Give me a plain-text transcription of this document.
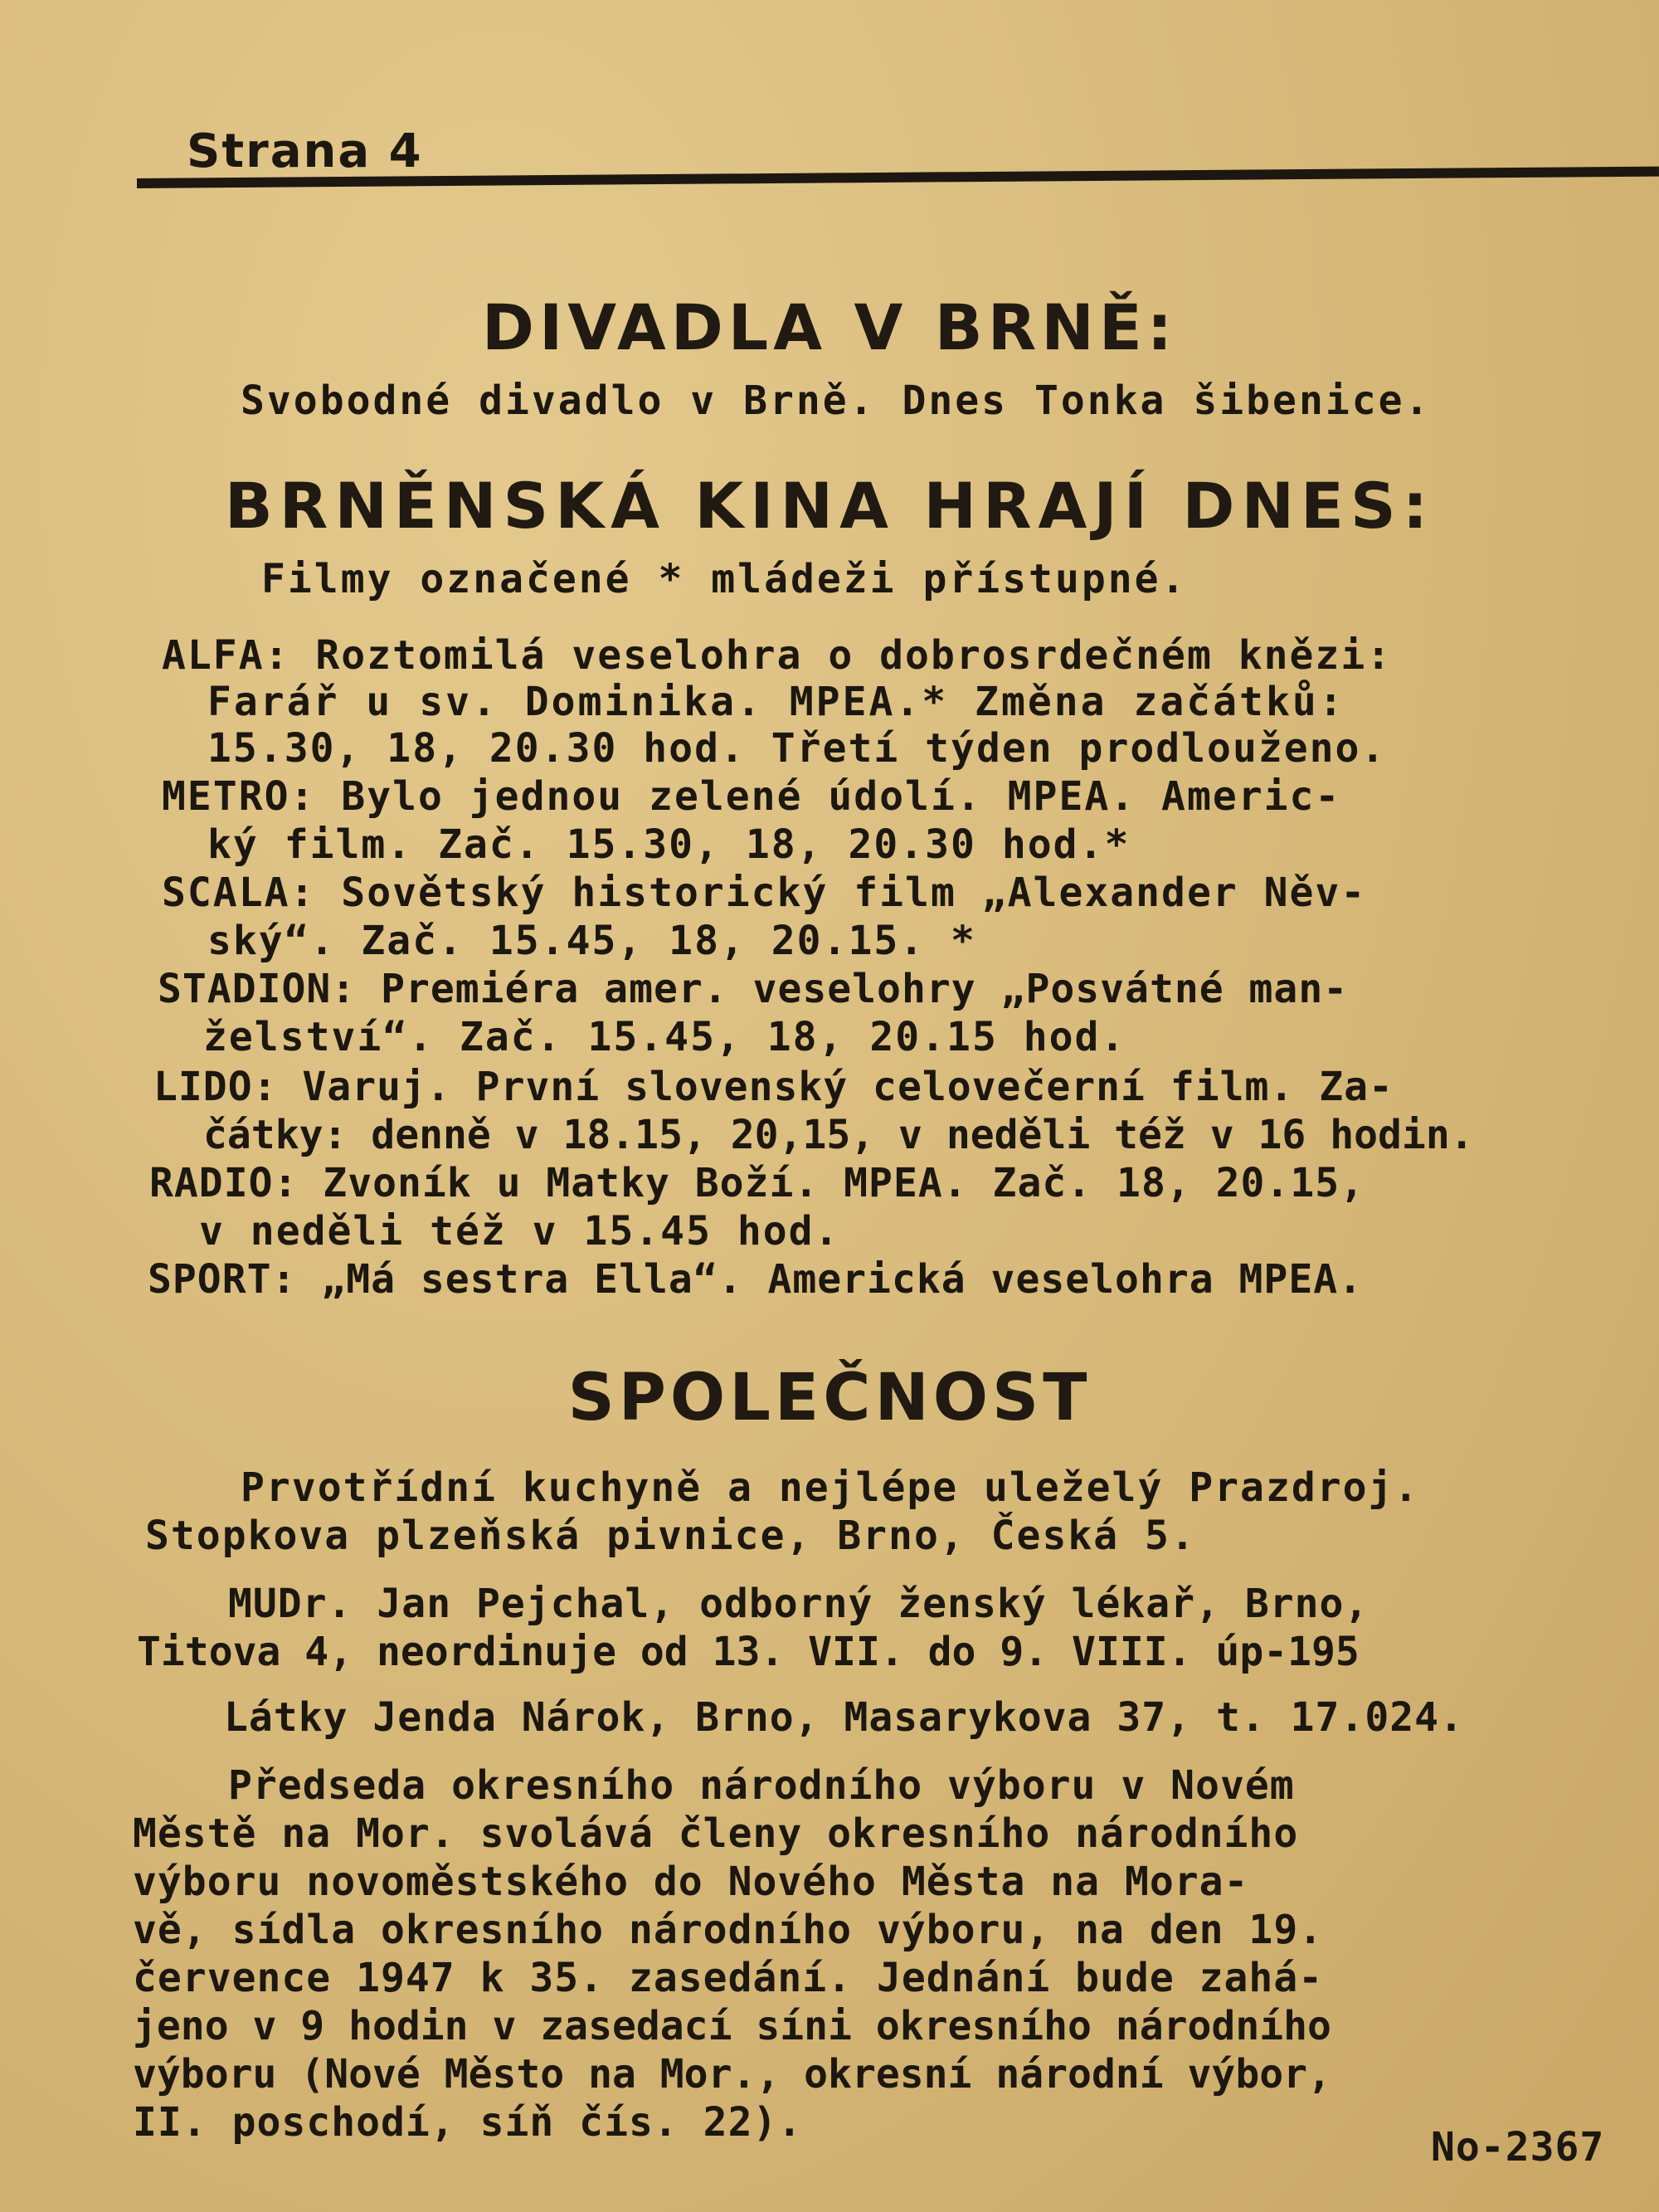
Strana 4
DIVADLA V BRNĚ:
Svobodné divadlo v Brně. Dnes Tonka šibenice.
BRNĚNSKÁ KINA HRAJÍ DNES:
Filmy označené * mládeži přístupné.
ALFA: Roztomilá veselohra o dobrosrdečném knězi:
Farář u sv. Dominika. MPEA.* Změna začátků:
15.30, 18, 20.30 hod. Třetí týden prodlouženo.
METRO: Bylo jednou zelené údolí. MPEA. Americ-
ký film. Zač. 15.30, 18, 20.30 hod.*
SCALA: Sovětský historický film „Alexander Něv-
ský“. Zač. 15.45, 18, 20.15. *
STADION: Premiéra amer. veselohry „Posvátné man-
želství“. Zač. 15.45, 18, 20.15 hod.
LIDO: Varuj. První slovenský celovečerní film. Za-
čátky: denně v 18.15, 20,15, v neděli též v 16 hodin.
RADIO: Zvoník u Matky Boží. MPEA. Zač. 18, 20.15,
v neděli též v 15.45 hod.
SPORT: „Má sestra Ella“. Americká veselohra MPEA.
SPOLEČNOST
Prvotřídní kuchyně a nejlépe uleželý Prazdroj.
Stopkova plzeňská pivnice, Brno, Česká 5.
MUDr. Jan Pejchal, odborný ženský lékař, Brno,
Titova 4, neordinuje od 13. VII. do 9. VIII. úp-195
Látky Jenda Nárok, Brno, Masarykova 37, t. 17.024.
Předseda okresního národního výboru v Novém
Městě na Mor. svolává členy okresního národního
výboru novoměstského do Nového Města na Mora-
vě, sídla okresního národního výboru, na den 19.
července 1947 k 35. zasedání. Jednání bude zahá-
jeno v 9 hodin v zasedací síni okresního národního
výboru (Nové Město na Mor., okresní národní výbor,
II. poschodí, síň čís. 22).
No-2367
